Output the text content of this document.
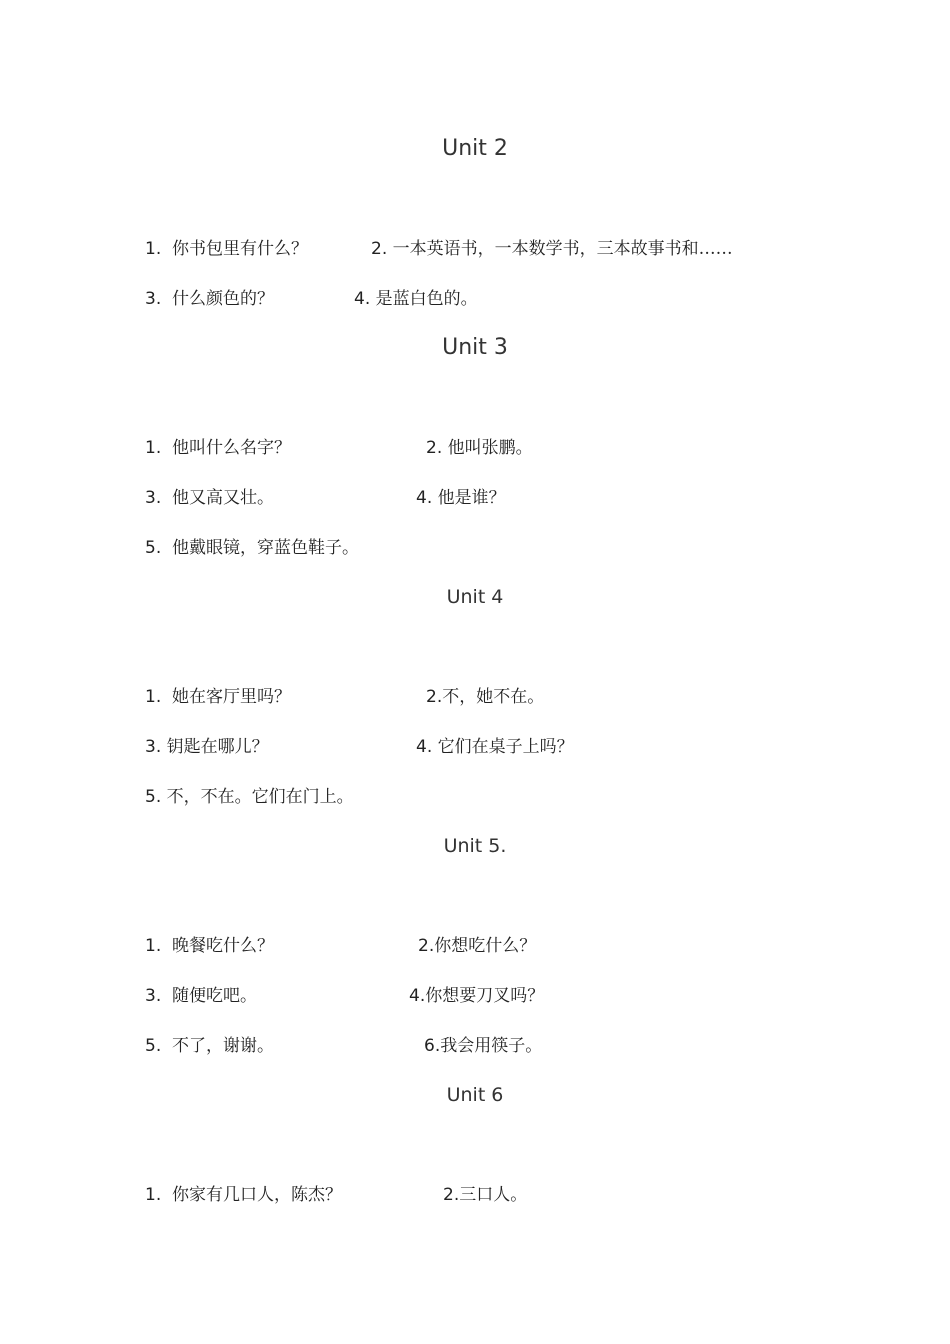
Unit 2
1. 你书包里有什么？	2. 一本英语书，一本数学书，三本故事书和……
3. 什么颜色的？	4. 是蓝白色的。
Unit 3
1. 他叫什么名字？	2. 他叫张鹏。
3. 他又高又壮。	4. 他是谁？
5. 他戴眼镜，穿蓝色鞋子。
Unit 4
1. 她在客厅里吗？	2.不，她不在。
3. 钥匙在哪儿？	4. 它们在桌子上吗？
5. 不，不在。它们在门上。
Unit 5.
1. 晚餐吃什么？	2.你想吃什么？
3. 随便吃吧。	4.你想要刀叉吗？
5. 不了，谢谢。	6.我会用筷子。
Unit 6
1. 你家有几口人，陈杰？	2.三口人。
